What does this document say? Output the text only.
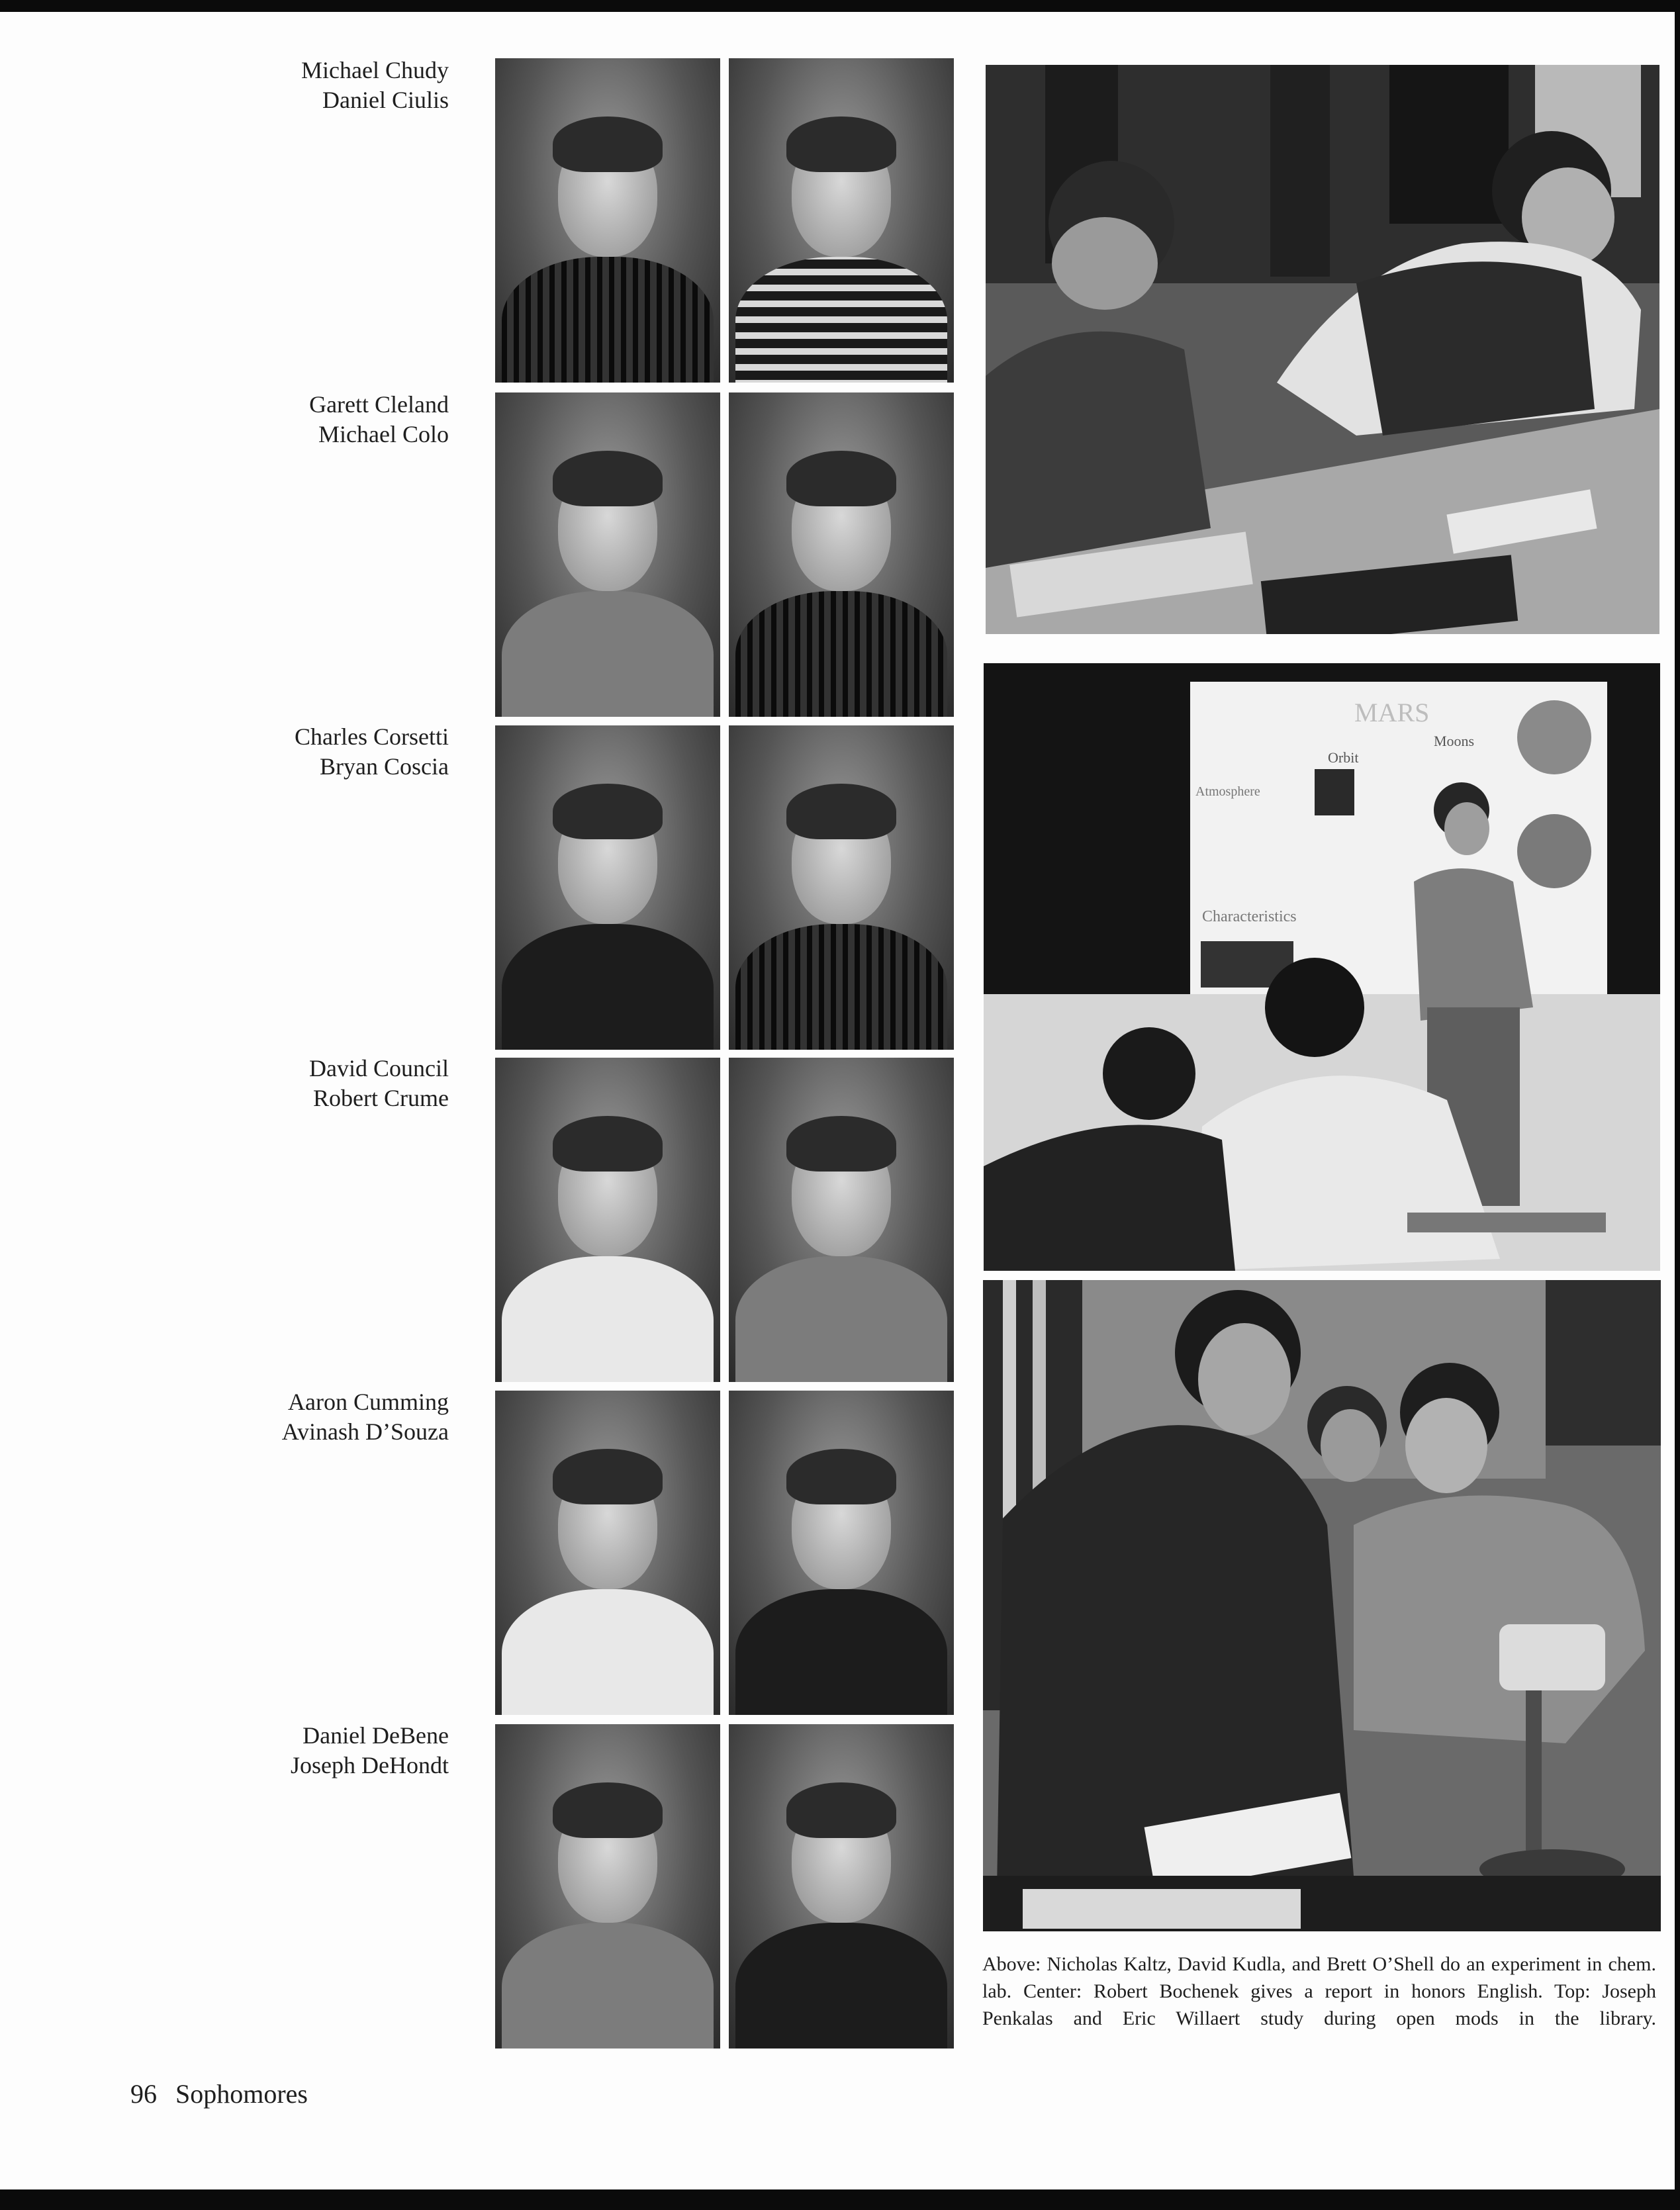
Michael Chudy
Daniel Ciulis
Garett Cleland
Michael Colo
Charles Corsetti
Bryan Coscia
David Council
Robert Crume
Aaron Cumming
Avinash D’Souza
Daniel DeBene
Joseph DeHondt
MARS
Orbit
Moons
Atmosphere
Characteristics
Above: Nicholas Kaltz, David Kudla, and Brett O’Shell do an experiment in chem. lab. Center: Robert Bochenek gives a report in honors English. Top: Joseph Penkalas and Eric Willaert study during open mods in the library.
96 Sophomores
